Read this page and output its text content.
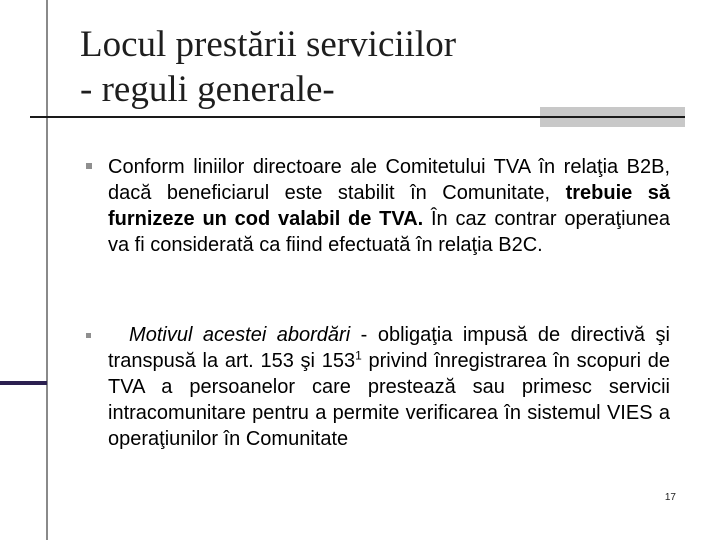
Locul prestării serviciilor
- reguli generale-
Conform liniilor directoare ale Comitetului TVA în relaţia B2B, dacă beneficiarul este stabilit în Comunitate, trebuie să furnizeze un cod valabil de TVA. În caz contrar operaţiunea va fi considerată ca fiind efectuată în relaţia B2C.
Motivul acestei abordări - obligaţia impusă de directivă şi transpusă la art. 153 şi $153^1$ privind înregistrarea în scopuri de TVA a persoanelor care prestează sau primesc servicii intracomunitare pentru a permite verificarea în sistemul VIES a operaţiunilor în Comunitate
17
